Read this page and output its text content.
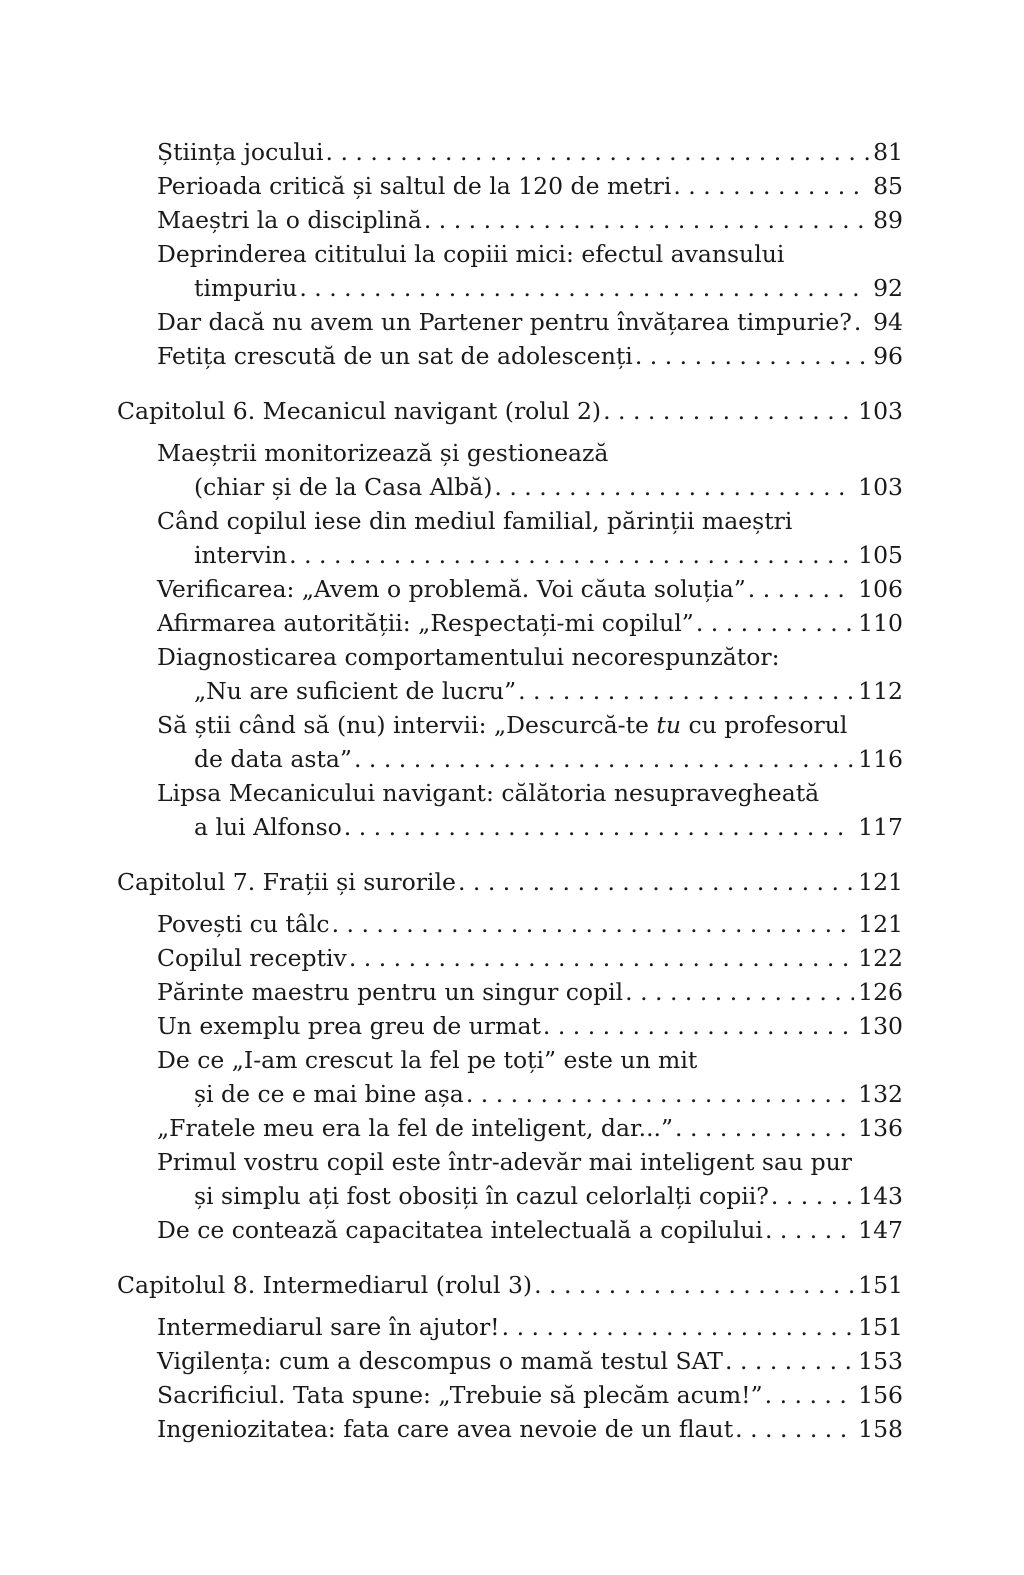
Știința jocului . . .	81
Perioada critică și saltul de la 120 de metri . . .	85
Maeștri la o disciplină . . .	89
Deprinderea cititului la copiii mici: efectul avansului
timpuriu . . .	92
Dar dacă nu avem un Partener pentru învățarea timpurie? . . . 94
Fetița crescută de un sat de adolescenți . . .	96
Capitolul 6. Mecanicul navigant (rolul 2) . . .	103
Maeștrii monitorizează și gestionează
(chiar și de la Casa Albă) . . .	103
Când copilul iese din mediul familial, părinții maeștri
intervin . . .	105
Verificarea: „Avem o problemă. Voi căuta soluția” . . .	106
Afirmarea autorității: „Respectați-mi copilul” . . .	110
Diagnosticarea comportamentului necorespunzător:
„Nu are suficient de lucru” . . .	112
Să știi când să (nu) intervii: „Descurcă-te tu cu profesorul
de data asta” . . .	116
Lipsa Mecanicului navigant: călătoria nesupravegheată
a lui Alfonso . . .	117
Capitolul 7. Frații și surorile . . .	121
Povești cu tâlc . . .	121
Copilul receptiv . . .	122
Părinte maestru pentru un singur copil . . .	126
Un exemplu prea greu de urmat . . .	130
De ce „I-am crescut la fel pe toți” este un mit
și de ce e mai bine așa . . .	132
„Fratele meu era la fel de inteligent, dar...” . . .	136
Primul vostru copil este într-adevăr mai inteligent sau pur
și simplu ați fost obosiți în cazul celorlalți copii? . . .	143
De ce contează capacitatea intelectuală a copilului . . .	147
Capitolul 8. Intermediarul (rolul 3) . . .	151
Intermediarul sare în ajutor! . . .	151
Vigilența: cum a descompus o mamă testul SAT . . .	153
Sacrificiul. Tata spune: „Trebuie să plecăm acum!” . . .	156
Ingeniozitatea: fata care avea nevoie de un flaut . . .	158
